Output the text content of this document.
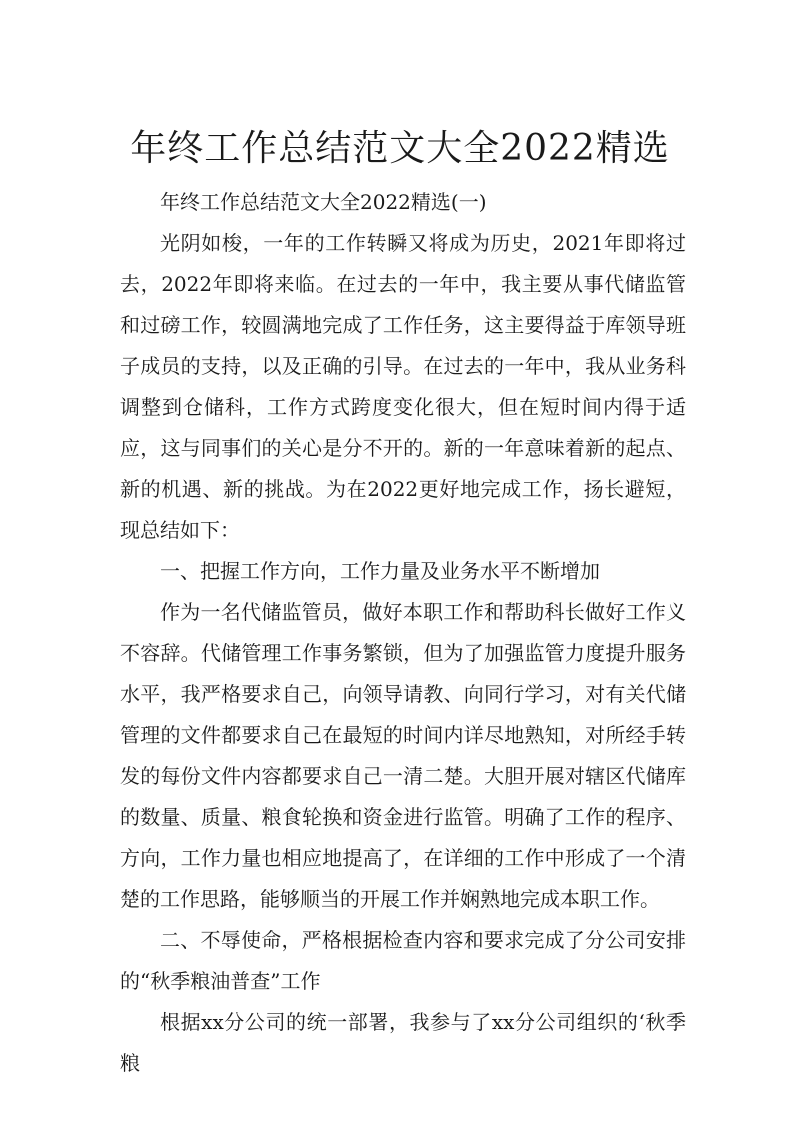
年终工作总结范文大全2022精选

年终工作总结范文大全2022精选(一)

光阴如梭，一年的工作转瞬又将成为历史，2021年即将过去，2022年即将来临。在过去的一年中，我主要从事代储监管和过磅工作，较圆满地完成了工作任务，这主要得益于库领导班子成员的支持，以及正确的引导。在过去的一年中，我从业务科调整到仓储科，工作方式跨度变化很大，但在短时间内得于适应，这与同事们的关心是分不开的。新的一年意味着新的起点、新的机遇、新的挑战。为在2022更好地完成工作，扬长避短，现总结如下：

一、把握工作方向，工作力量及业务水平不断增加

作为一名代储监管员，做好本职工作和帮助科长做好工作义不容辞。代储管理工作事务繁锁，但为了加强监管力度提升服务水平，我严格要求自己，向领导请教、向同行学习，对有关代储管理的文件都要求自己在最短的时间内详尽地熟知，对所经手转发的每份文件内容都要求自己一清二楚。大胆开展对辖区代储库的数量、质量、粮食轮换和资金进行监管。明确了工作的程序、方向，工作力量也相应地提高了，在详细的工作中形成了一个清楚的工作思路，能够顺当的开展工作并娴熟地完成本职工作。

二、不辱使命，严格根据检查内容和要求完成了分公司安排的“秋季粮油普查”工作

根据xx分公司的统一部署，我参与了xx分公司组织的‘秋季粮
